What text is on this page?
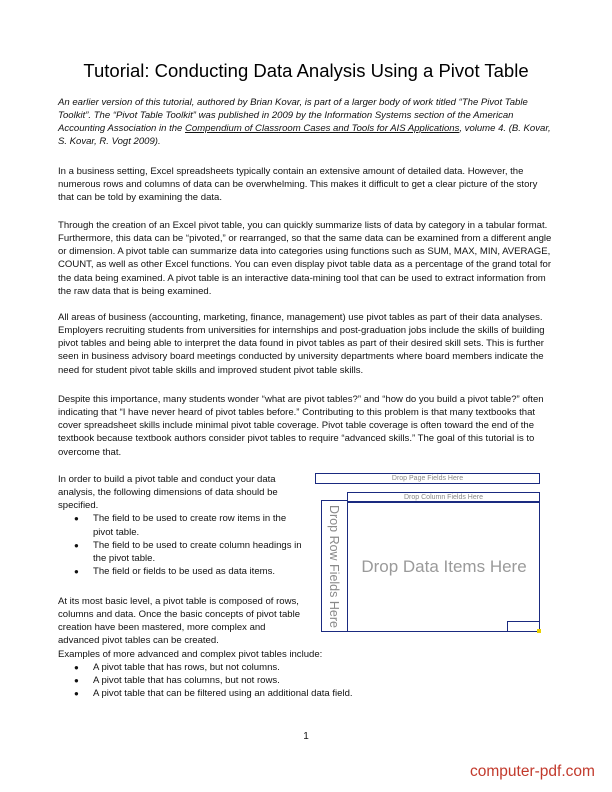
Tutorial: Conducting Data Analysis Using a Pivot Table
An earlier version of this tutorial, authored by Brian Kovar, is part of a larger body of work titled “The Pivot Table Toolkit”. The “Pivot Table Toolkit” was published in 2009 by the Information Systems section of the American Accounting Association in the Compendium of Classroom Cases and Tools for AIS Applications, volume 4. (B. Kovar, S. Kovar, R. Vogt 2009).
In a business setting, Excel spreadsheets typically contain an extensive amount of detailed data. However, the numerous rows and columns of data can be overwhelming. This makes it difficult to get a clear picture of the story that can be told by examining the data.
Through the creation of an Excel pivot table, you can quickly summarize lists of data by category in a tabular format. Furthermore, this data can be “pivoted,” or rearranged, so that the same data can be examined from a different angle or dimension. A pivot table can summarize data into categories using functions such as SUM, MAX, MIN, AVERAGE, COUNT, as well as other Excel functions. You can even display pivot table data as a percentage of the grand total for the data being examined. A pivot table is an interactive data-mining tool that can be used to extract information from the raw data that is being examined.
All areas of business (accounting, marketing, finance, management) use pivot tables as part of their data analyses. Employers recruiting students from universities for internships and post-graduation jobs include the skills of building pivot tables and being able to interpret the data found in pivot tables as part of their desired skill sets. This is further seen in business advisory board meetings conducted by university departments where board members indicate the need for student pivot table skills and improved student pivot table skills.
Despite this importance, many students wonder “what are pivot tables?” and “how do you build a pivot table?” often indicating that “I have never heard of pivot tables before.” Contributing to this problem is that many textbooks that cover spreadsheet skills include minimal pivot table coverage. Pivot table coverage is often toward the end of the textbook because textbook authors consider pivot tables to require “advanced skills.” The goal of this tutorial is to overcome that.
In order to build a pivot table and conduct your data analysis, the following dimensions of data should be specified.
● The field to be used to create row items in the pivot table.
● The field to be used to create column headings in the pivot table.
● The field or fields to be used as data items.
At its most basic level, a pivot table is composed of rows, columns and data. Once the basic concepts of pivot table creation have been mastered, more complex and advanced pivot tables can be created.
Examples of more advanced and complex pivot tables include:
● A pivot table that has rows, but not columns.
● A pivot table that has columns, but not rows.
● A pivot table that can be filtered using an additional data field.
Drop Page Fields Here
Drop Column Fields Here
Drop Row Fields Here	Drop Data Items Here
1
computer-pdf.com
